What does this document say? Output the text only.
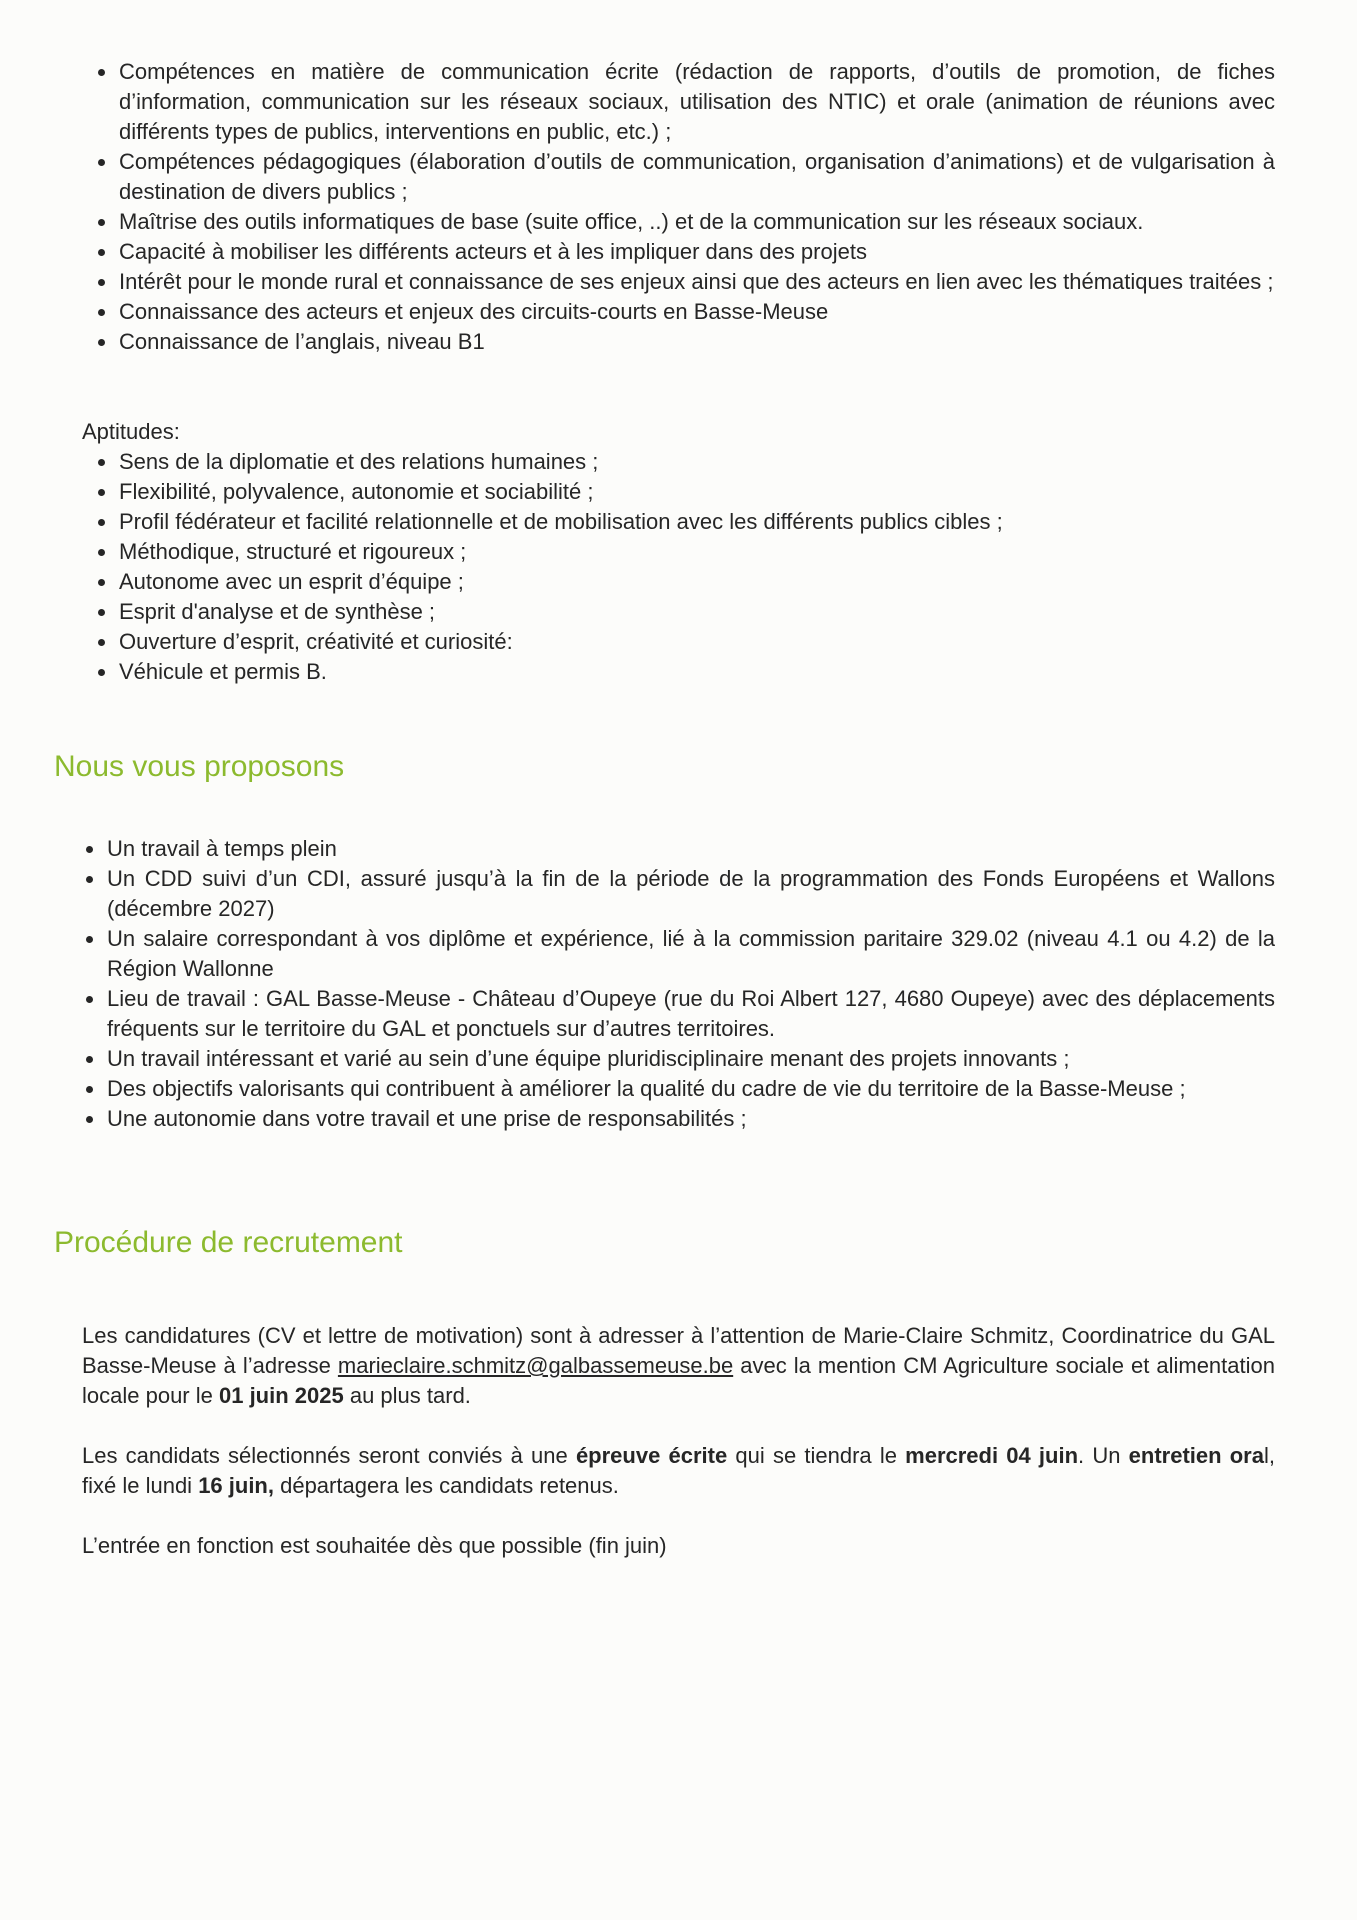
Compétences en matière de communication écrite (rédaction de rapports, d’outils de promotion, de fiches d’information, communication sur les réseaux sociaux, utilisation des NTIC) et orale (animation de réunions avec différents types de publics, interventions en public, etc.) ;
Compétences pédagogiques (élaboration d’outils de communication, organisation d’animations) et de vulgarisation à destination de divers publics ;
Maîtrise des outils informatiques de base (suite office, ..) et de la communication sur les réseaux sociaux.
Capacité à mobiliser les différents acteurs et à les impliquer dans des projets
Intérêt pour le monde rural et connaissance de ses enjeux ainsi que des acteurs en lien avec les thématiques traitées ;
Connaissance des acteurs et enjeux des circuits-courts en Basse-Meuse
Connaissance de l’anglais, niveau B1
Aptitudes:
Sens de la diplomatie et des relations humaines ;
Flexibilité, polyvalence, autonomie et sociabilité ;
Profil fédérateur et facilité relationnelle et de mobilisation avec les différents publics cibles ;
Méthodique, structuré et rigoureux ;
Autonome avec un esprit d’équipe ;
Esprit d'analyse et de synthèse ;
Ouverture d’esprit, créativité et curiosité:
Véhicule et permis B.
Nous vous proposons
Un travail à temps plein
Un CDD suivi d’un CDI, assuré jusqu’à la fin de la période de la programmation des Fonds Européens et Wallons (décembre 2027)
Un salaire correspondant à vos diplôme et expérience, lié à la commission paritaire 329.02 (niveau 4.1 ou 4.2) de la Région Wallonne
Lieu de travail : GAL Basse-Meuse - Château d’Oupeye (rue du Roi Albert 127, 4680 Oupeye) avec des déplacements fréquents sur le territoire du GAL et ponctuels sur d’autres territoires.
Un travail intéressant et varié au sein d’une équipe pluridisciplinaire menant des projets innovants ;
Des objectifs valorisants qui contribuent à améliorer la qualité du cadre de vie du territoire de la Basse-Meuse ;
Une autonomie dans votre travail et une prise de responsabilités ;
Procédure de recrutement

Les candidatures (CV et lettre de motivation) sont à adresser à l’attention de Marie-Claire Schmitz, Coordinatrice du GAL Basse-Meuse à l’adresse marieclaire.schmitz@galbassemeuse.be avec la mention CM Agriculture sociale et alimentation locale pour le 01 juin 2025 au plus tard.

Les candidats sélectionnés seront conviés à une épreuve écrite qui se tiendra le mercredi 04 juin. Un entretien oral, fixé le lundi 16 juin, départagera les candidats retenus.

L’entrée en fonction est souhaitée dès que possible (fin juin)
